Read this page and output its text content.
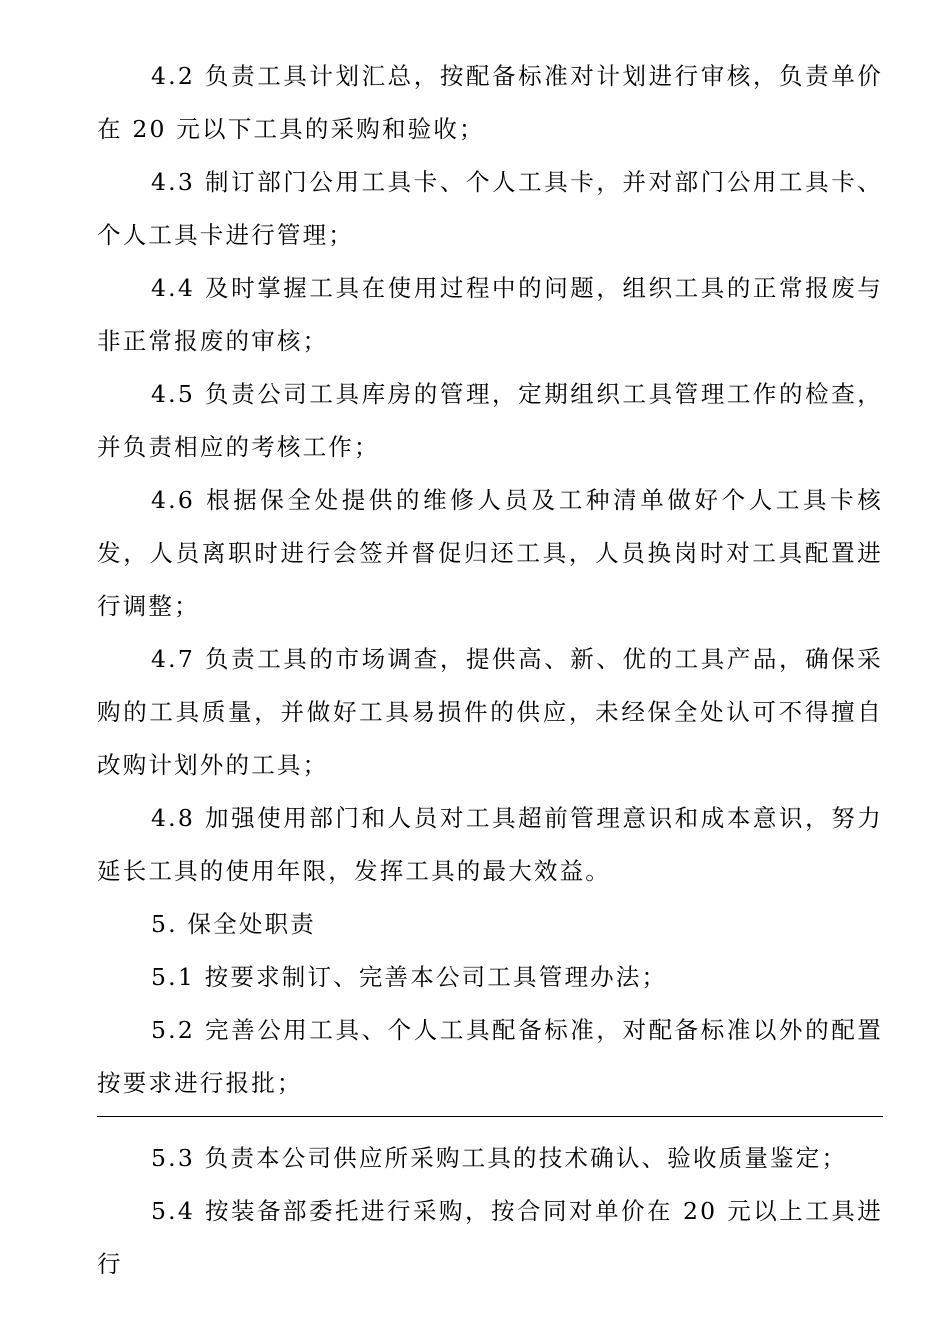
4.2 负责工具计划汇总，按配备标准对计划进行审核，负责单价在 20 元以下工具的采购和验收；

4.3 制订部门公用工具卡、个人工具卡，并对部门公用工具卡、个人工具卡进行管理；

4.4 及时掌握工具在使用过程中的问题，组织工具的正常报废与非正常报废的审核；

4.5 负责公司工具库房的管理，定期组织工具管理工作的检查，并负责相应的考核工作；

4.6 根据保全处提供的维修人员及工种清单做好个人工具卡核发，人员离职时进行会签并督促归还工具，人员换岗时对工具配置进行调整；

4.7 负责工具的市场调查，提供高、新、优的工具产品，确保采购的工具质量，并做好工具易损件的供应，未经保全处认可不得擅自改购计划外的工具；

4.8 加强使用部门和人员对工具超前管理意识和成本意识，努力延长工具的使用年限，发挥工具的最大效益。

5. 保全处职责

5.1 按要求制订、完善本公司工具管理办法；

5.2 完善公用工具、个人工具配备标准，对配备标准以外的配置按要求进行报批；

5.3 负责本公司供应所采购工具的技术确认、验收质量鉴定；

5.4 按装备部委托进行采购，按合同对单价在 20 元以上工具进行
